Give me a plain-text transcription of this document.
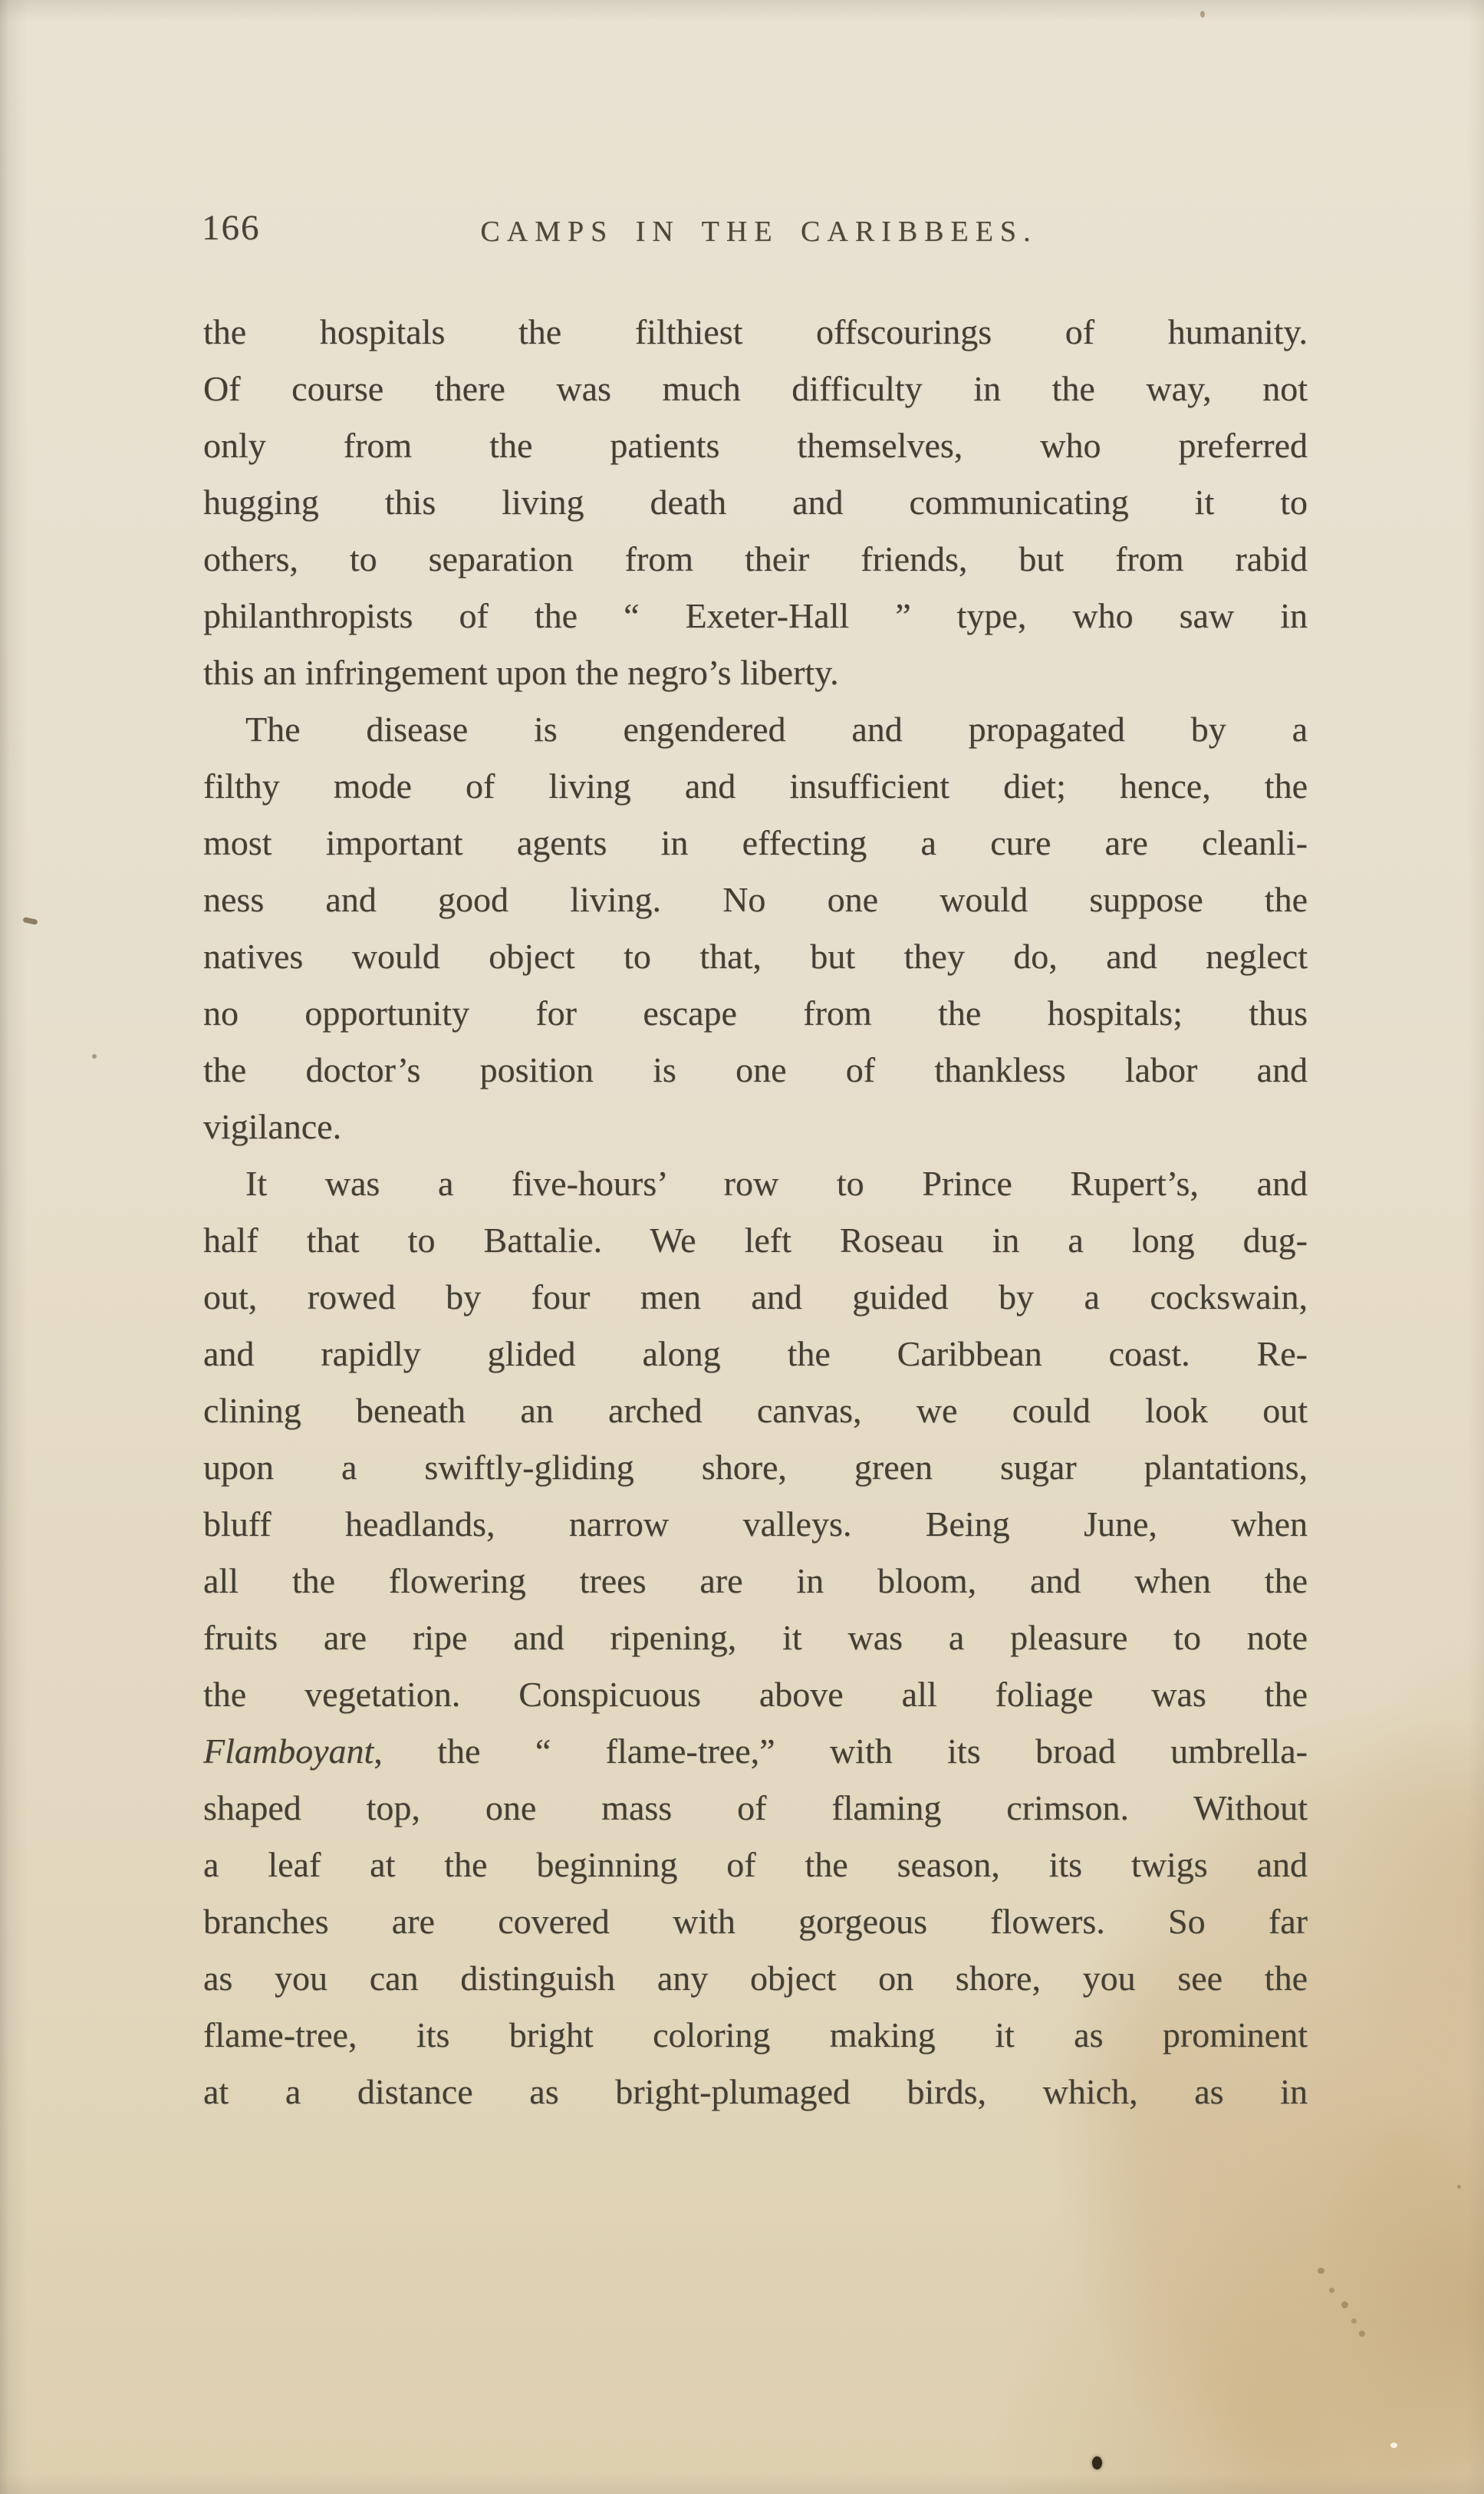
166	CAMPS IN THE CARIBBEES.
the hospitals the filthiest offscourings of humanity.
Of course there was much difficulty in the way, not
only from the patients themselves, who preferred
hugging this living death and communicating it to
others, to separation from their friends, but from rabid
philanthropists of the “ Exeter-Hall ” type, who saw in
this an infringement upon the negro’s liberty.
The disease is engendered and propagated by a
filthy mode of living and insufficient diet; hence, the
most important agents in effecting a cure are cleanli-
ness and good living. No one would suppose the
natives would object to that, but they do, and neglect
no opportunity for escape from the hospitals; thus
the doctor’s position is one of thankless labor and
vigilance.
It was a five-hours’ row to Prince Rupert’s, and
half that to Battalie. We left Roseau in a long dug-
out, rowed by four men and guided by a cockswain,
and rapidly glided along the Caribbean coast. Re-
clining beneath an arched canvas, we could look out
upon a swiftly-gliding shore, green sugar plantations,
bluff headlands, narrow valleys. Being June, when
all the flowering trees are in bloom, and when the
fruits are ripe and ripening, it was a pleasure to note
the vegetation. Conspicuous above all foliage was the
Flamboyant, the “ flame-tree,” with its broad umbrella-
shaped top, one mass of flaming crimson. Without
a leaf at the beginning of the season, its twigs and
branches are covered with gorgeous flowers. So far
as you can distinguish any object on shore, you see the
flame-tree, its bright coloring making it as prominent
at a distance as bright-plumaged birds, which, as in
